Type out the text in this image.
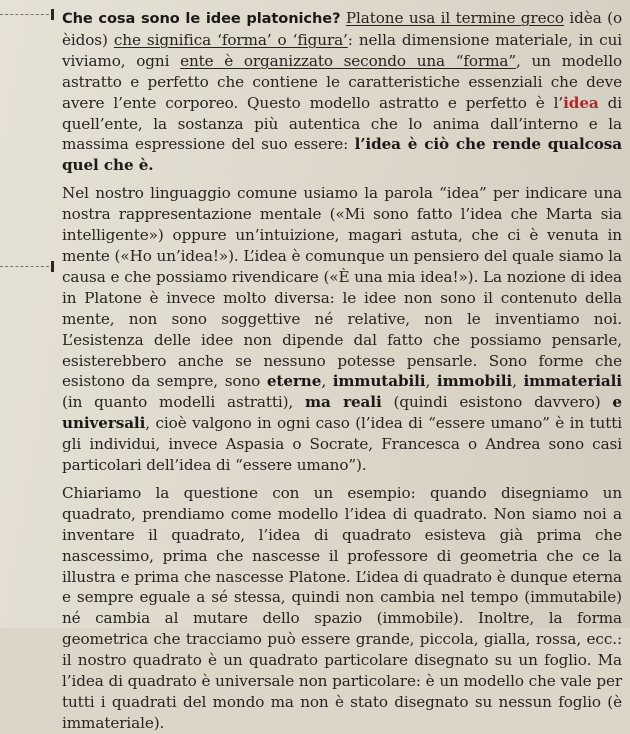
Che cosa sono le idee platoniche? Platone usa il termine greco idèa (o èidos) che significa ‘forma’ o ‘figura’: nella dimensione materiale, in cui viviamo, ogni ente è organizzato secondo una “forma”, un modello astratto e perfetto che contiene le caratteristiche essenziali che deve avere l’ente corporeo. Questo modello astratto e perfetto è l’idea di quell’ente, la sostanza più autentica che lo anima dall’interno e la massima espressione del suo essere: l’idea è ciò che rende qualcosa quel che è.

Nel nostro linguaggio comune usiamo la parola “idea” per indicare una nostra rappresentazione mentale («Mi sono fatto l’idea che Marta sia intelligente») oppure un’intuizione, magari astuta, che ci è venuta in mente («Ho un’idea!»). L’idea è comunque un pensiero del quale siamo la causa e che possiamo rivendicare («È una mia idea!»). La nozione di idea in Platone è invece molto diversa: le idee non sono il contenuto della mente, non sono soggettive né relative, non le inventiamo noi. L’esistenza delle idee non dipende dal fatto che possiamo pensarle, esisterebbero anche se nessuno potesse pensarle. Sono forme che esistono da sempre, sono eterne, immutabili, immobili, immateriali (in quanto modelli astratti), ma reali (quindi esistono davvero) e universali, cioè valgono in ogni caso (l’idea di “essere umano” è in tutti gli individui, invece Aspasia o Socrate, Francesca o Andrea sono casi particolari dell’idea di “essere umano”).

Chiariamo la questione con un esempio: quando disegniamo un quadrato, prendiamo come modello l’idea di quadrato. Non siamo noi a inventare il quadrato, l’idea di quadrato esisteva già prima che nascessimo, prima che nascesse il professore di geometria che ce la illustra e prima che nascesse Platone. L’idea di quadrato è dunque eterna e sempre eguale a sé stessa, quindi non cambia nel tempo (immutabile) né cambia al mutare dello spazio (immobile). Inoltre, la forma geometrica che tracciamo può essere grande, piccola, gialla, rossa, ecc.: il nostro quadrato è un quadrato particolare disegnato su un foglio. Ma l’idea di quadrato è universale non particolare: è un modello che vale per tutti i quadrati del mondo ma non è stato disegnato su nessun foglio (è immateriale).
